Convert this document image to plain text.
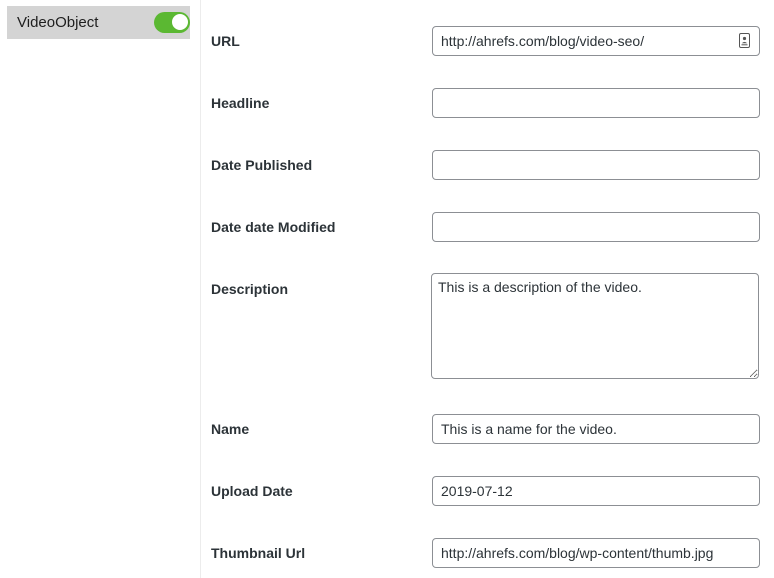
VideoObject
URL
http://ahrefs.com/blog/video-seo/
Headline
Date Published
Date date Modified
Description
This is a description of the video.
Name
This is a name for the video.
Upload Date
2019-07-12
Thumbnail Url
http://ahrefs.com/blog/wp-content/thumb.jpg
